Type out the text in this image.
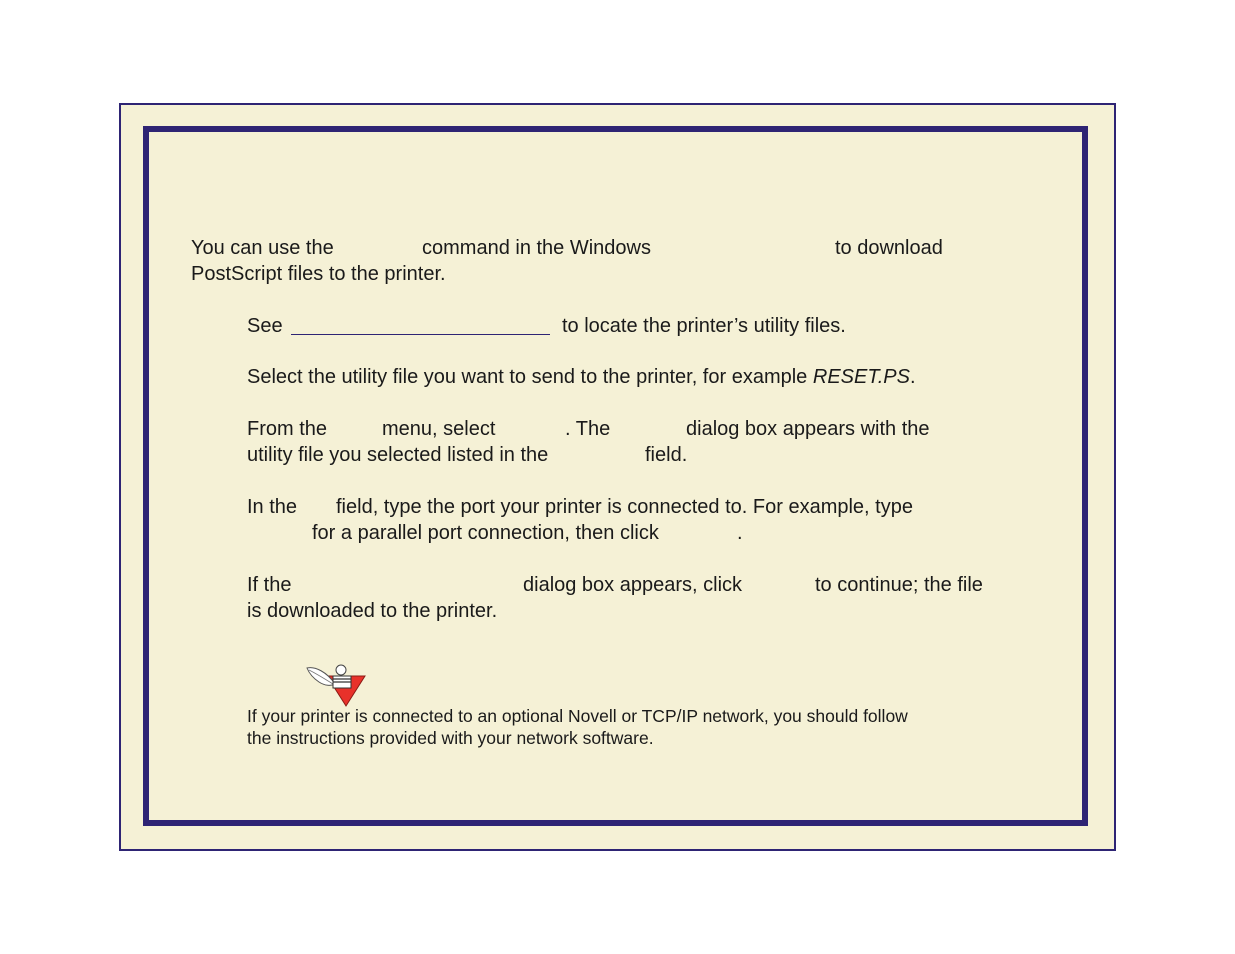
You can use the	command in the Windows	to download
PostScript files to the printer.
See	to locate the printer’s utility files.
Select the utility file you want to send to the printer, for example RESET.PS.
From the	menu, select	. The	dialog box appears with the
utility file you selected listed in the	field.
In the field, type the port your printer is connected to. For example, type
for a parallel port connection, then click	.
If the	dialog box appears, click	to continue; the file
is downloaded to the printer.
If your printer is connected to an optional Novell or TCP/IP network, you should follow
the instructions provided with your network software.
